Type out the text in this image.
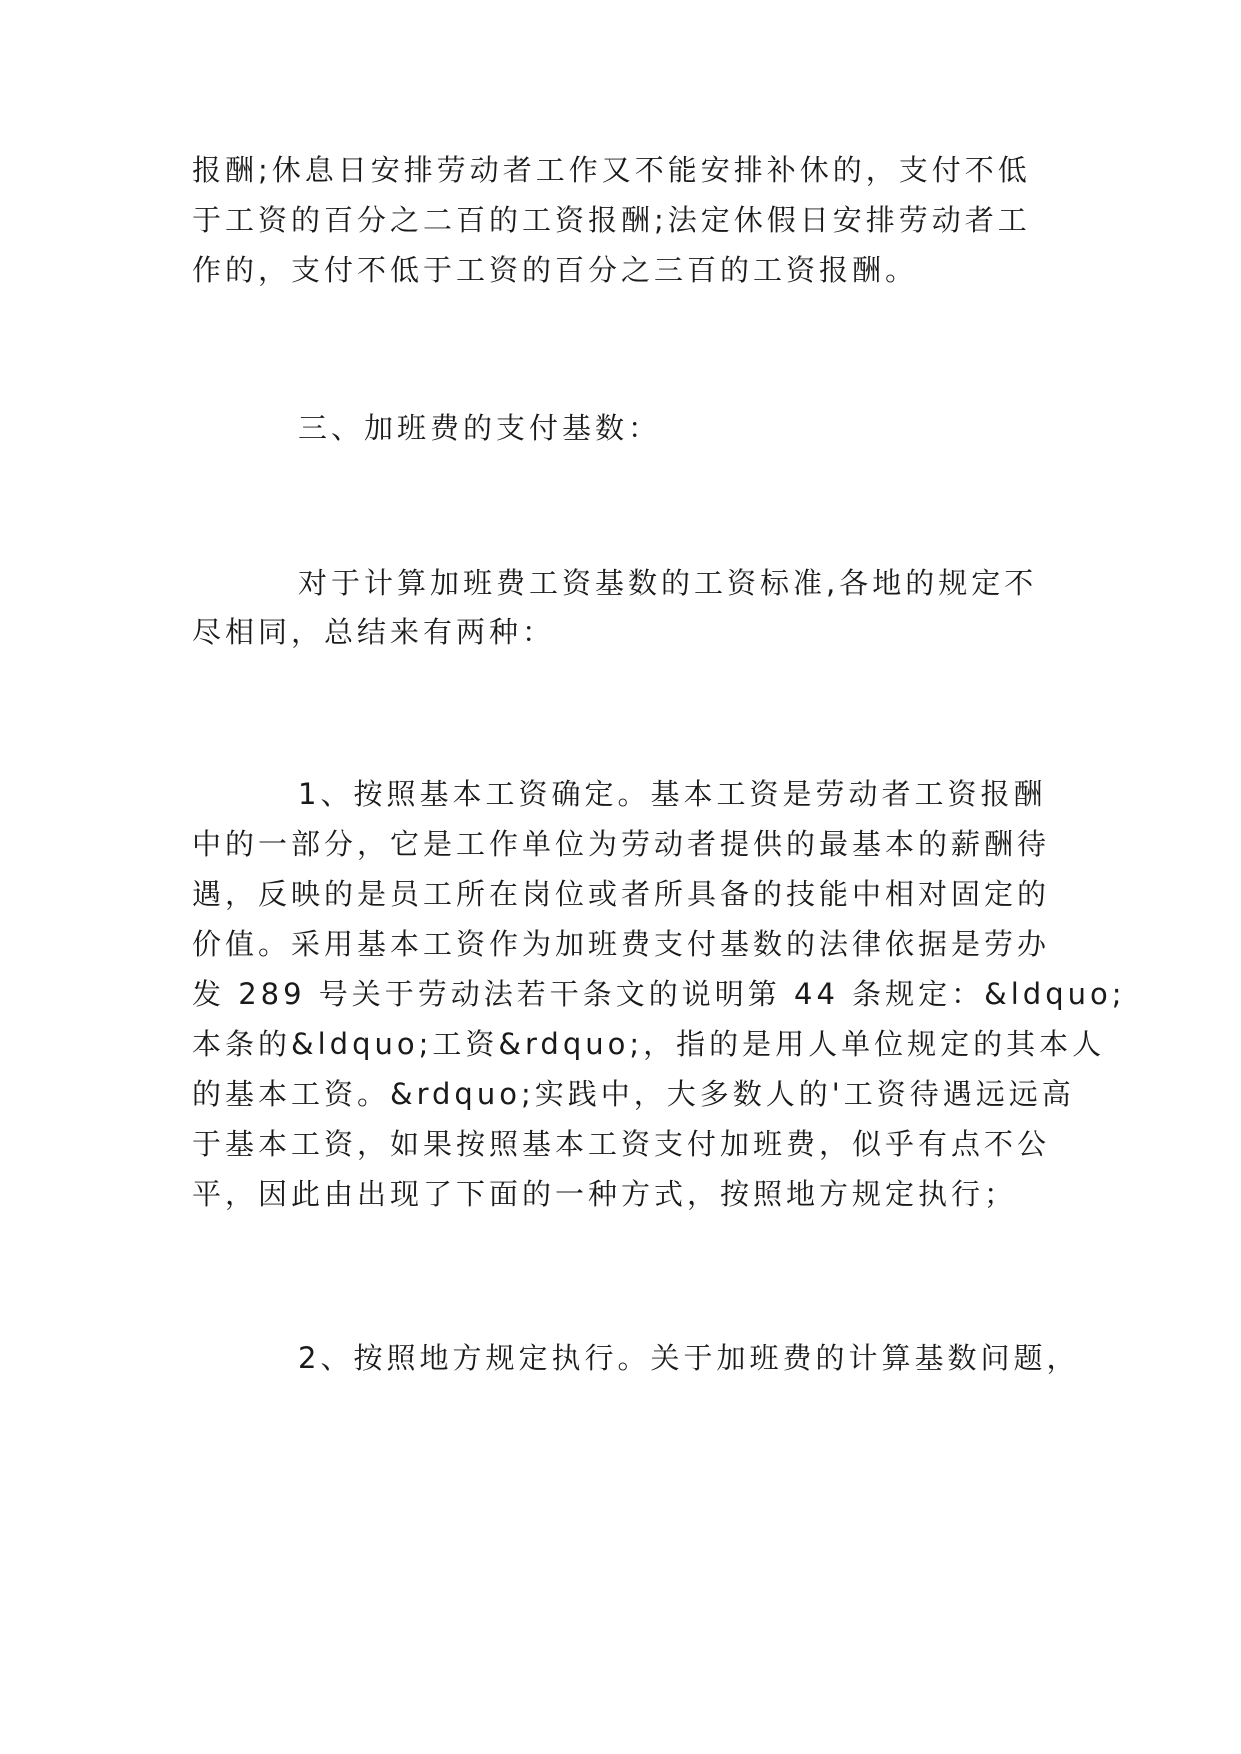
报酬;休息日安排劳动者工作又不能安排补休的，支付不低
于工资的百分之二百的工资报酬;法定休假日安排劳动者工
作的，支付不低于工资的百分之三百的工资报酬。
三、加班费的支付基数：
对于计算加班费工资基数的工资标准,各地的规定不
尽相同，总结来有两种：
1、按照基本工资确定。基本工资是劳动者工资报酬
中的一部分，它是工作单位为劳动者提供的最基本的薪酬待
遇，反映的是员工所在岗位或者所具备的技能中相对固定的
价值。采用基本工资作为加班费支付基数的法律依据是劳办
发 289 号关于劳动法若干条文的说明第 44 条规定：&ldquo;
本条的&ldquo;工资&rdquo;，指的是用人单位规定的其本人
的基本工资。&rdquo;实践中，大多数人的'工资待遇远远高
于基本工资，如果按照基本工资支付加班费，似乎有点不公
平，因此由出现了下面的一种方式，按照地方规定执行；
2、按照地方规定执行。关于加班费的计算基数问题，
